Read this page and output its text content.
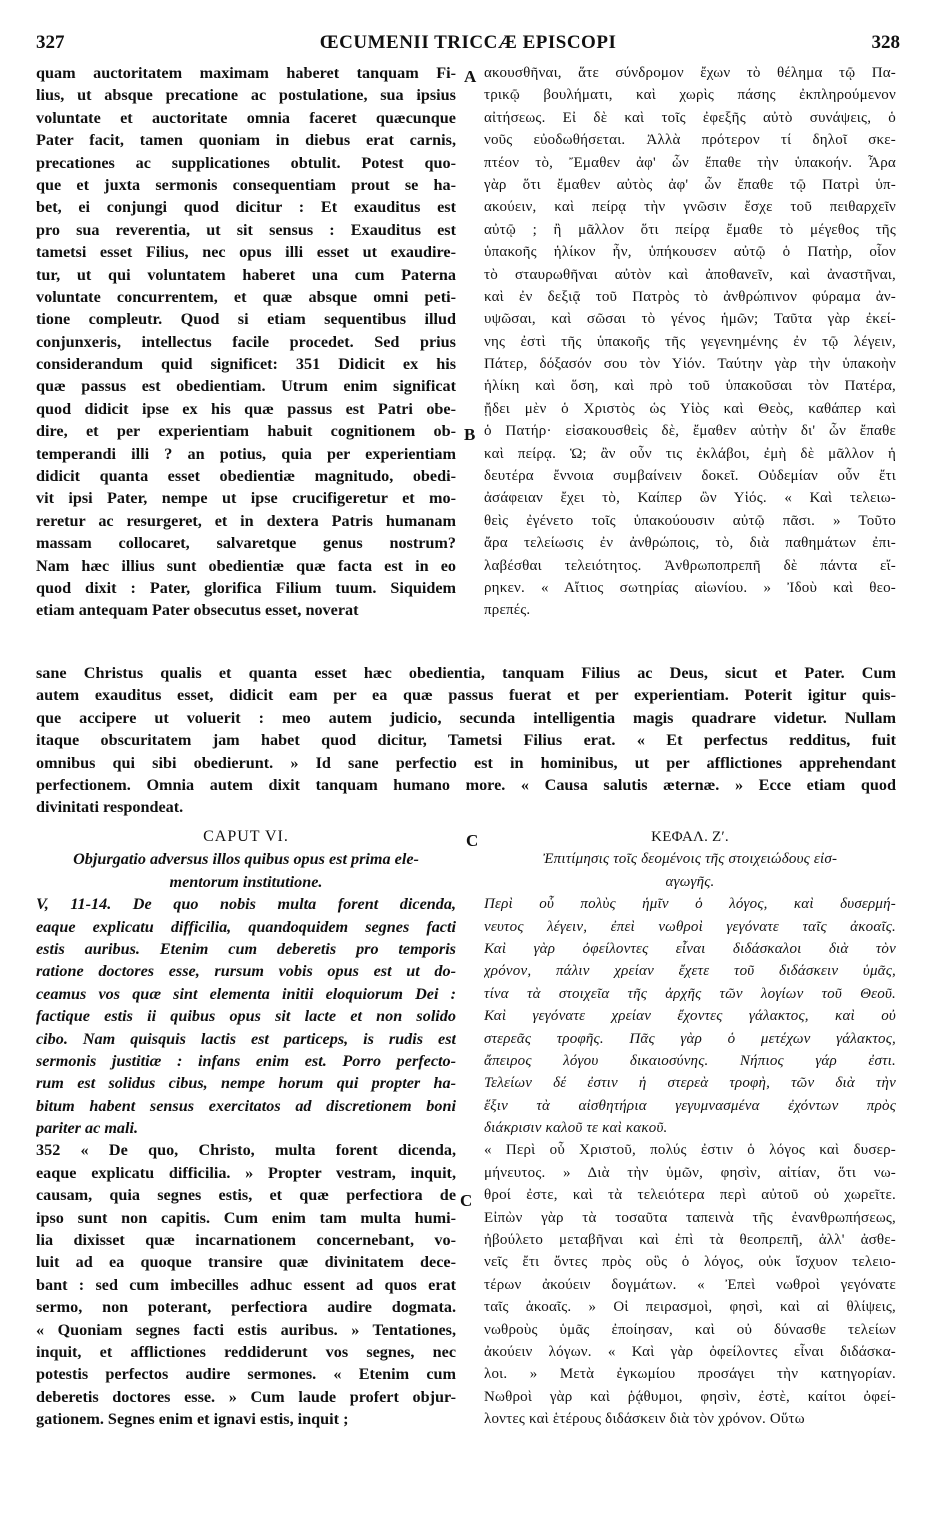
327	ŒCUMENII TRICCÆ EPISCOPI	328
A
B
C
C
quam auctoritatem maximam haberet tanquam Fi-
lius, ut absque precatione ac postulatione, sua ipsius
voluntate et auctoritate omnia faceret quæcunque
Pater facit, tamen quoniam in diebus erat carnis,
precationes ac supplicationes obtulit. Potest quo-
que et juxta sermonis consequentiam prout se ha-
bet, ei conjungi quod dicitur : Et exauditus est
pro sua reverentia, ut sit sensus : Exauditus est
tametsi esset Filius, nec opus illi esset ut exaudire-
tur, ut qui voluntatem haberet una cum Paterna
voluntate concurrentem, et quæ absque omni peti-
tione compleutr. Quod si etiam sequentibus illud
conjunxeris, intellectus facile procedet. Sed prius
considerandum quid significet: 351 Didicit ex his
quæ passus est obedientiam. Utrum enim significat
quod didicit ipse ex his quæ passus est Patri obe-
dire, et per experientiam habuit cognitionem ob-
temperandi illi ? an potius, quia per experientiam
didicit quanta esset obedientiæ magnitudo, obedi-
vit ipsi Pater, nempe ut ipse crucifigeretur et mo-
reretur ac resurgeret, et in dextera Patris humanam
massam collocaret, salvaretque genus nostrum?
Nam hæc illius sunt obedientiæ quæ facta est in eo
quod dixit : Pater, glorifica Filium tuum. Siquidem
etiam antequam Pater obsecutus esset, noverat
ακουσθῆναι, ἅτε σύνδρομον ἔχων τὸ θέλημα τῷ Πα-
τρικῷ βουλήματι, καὶ χωρὶς πάσης ἐκπληρούμενον
αἰτήσεως. Εἰ δὲ καὶ τοῖς ἐφεξῆς αὐτὸ συνάψεις, ὁ
νοῦς εὐοδωθήσεται. Ἀλλὰ πρότερον τί δηλοῖ σκε-
πτέον τὸ, Ἔμαθεν ἀφ' ὧν ἔπαθε τὴν ὑπακοήν. Ἆρα
γὰρ ὅτι ἔμαθεν αὐτὸς ἀφ' ὧν ἔπαθε τῷ Πατρὶ ὑπ-
ακούειν, καὶ πείρᾳ τὴν γνῶσιν ἔσχε τοῦ πειθαρχεῖν
αὐτῷ ; ἢ μᾶλλον ὅτι πείρᾳ ἔμαθε τὸ μέγεθος τῆς
ὑπακοῆς ἡλίκον ἦν, ὑπήκουσεν αὐτῷ ὁ Πατὴρ, οἷον
τὸ σταυρωθῆναι αὐτὸν καὶ ἀποθανεῖν, καὶ ἀναστῆναι,
καὶ ἐν δεξιᾷ τοῦ Πατρὸς τὸ ἀνθρώπινον φύραμα ἀν-
υψῶσαι, καὶ σῶσαι τὸ γένος ἡμῶν; Ταῦτα γὰρ ἐκεί-
νης ἐστὶ τῆς ὑπακοῆς τῆς γεγενημένης ἐν τῷ λέγειν,
Πάτερ, δόξασόν σου τὸν Υἱόν. Ταύτην γὰρ τὴν ὑπακοὴν
ἡλίκη καὶ ὅση, καὶ πρὸ τοῦ ὑπακοῦσαι τὸν Πατέρα,
ᾔδει μὲν ὁ Χριστὸς ὡς Υἱὸς καὶ Θεὸς, καθάπερ καὶ
ὁ Πατήρ· εἰσακουσθεὶς δὲ, ἔμαθεν αὐτὴν δι' ὧν ἔπαθε
καὶ πείρᾳ. Ὡ; ἂν οὖν τις ἐκλάβοι, ἐμὴ δὲ μᾶλλον ἡ
δευτέρα ἔννοια συμβαίνειν δοκεῖ. Οὐδεμίαν οὖν ἔτι
ἀσάφειαν ἔχει τὸ, Καίπερ ὢν Υἱός. « Καὶ τελειω-
θεὶς ἐγένετο τοῖς ὑπακούουσιν αὐτῷ πᾶσι. » Τοῦτο
ἄρα τελείωσις ἐν ἀνθρώποις, τὸ, διὰ παθημάτων ἐπι-
λαβέσθαι τελειότητος. Ἀνθρωποπρεπῆ δὲ πάντα εἴ-
ρηκεν. « Αἴτιος σωτηρίας αἰωνίου. » Ἰδοὺ καὶ θεο-
πρεπές.
sane Christus qualis et quanta esset hæc obedientia, tanquam Filius ac Deus, sicut et Pater. Cum
autem exauditus esset, didicit eam per ea quæ passus fuerat et per experientiam. Poterit igitur quis-
que accipere ut voluerit : meo autem judicio, secunda intelligentia magis quadrare videtur. Nullam
itaque obscuritatem jam habet quod dicitur, Tametsi Filius erat. « Et perfectus redditus, fuit
omnibus qui sibi obedierunt. » Id sane perfectio est in hominibus, ut per afflictiones apprehendant
perfectionem. Omnia autem dixit tanquam humano more. « Causa salutis æternæ. » Ecce etiam quod
divinitati respondeat.
CAPUT VI.
Objurgatio adversus illos quibus opus est prima ele-
mentorum institutione.
V, 11-14. De quo nobis multa forent dicenda,
eaque explicatu difficilia, quandoquidem segnes facti
estis auribus. Etenim cum deberetis pro temporis
ratione doctores esse, rursum vobis opus est ut do-
ceamus vos quæ sint elementa initii eloquiorum Dei :
factique estis ii quibus opus sit lacte et non solido
cibo. Nam quisquis lactis est particeps, is rudis est
sermonis justitiæ : infans enim est. Porro perfecto-
rum est solidus cibus, nempe horum qui propter ha-
bitum habent sensus exercitatos ad discretionem boni
pariter ac mali.
352 « De quo, Christo, multa forent dicenda,
eaque explicatu difficilia. » Propter vestram, inquit,
causam, quia segnes estis, et quæ perfectiora de
ipso sunt non capitis. Cum enim tam multa humi-
lia dixisset quæ incarnationem concernebant, vo-
luit ad ea quoque transire quæ divinitatem dece-
bant : sed cum imbecilles adhuc essent ad quos erat
sermo, non poterant, perfectiora audire dogmata.
« Quoniam segnes facti estis auribus. » Tentationes,
inquit, et afflictiones reddiderunt vos segnes, nec
potestis perfectos audire sermones. « Etenim cum
deberetis doctores esse. » Cum laude profert objur-
gationem. Segnes enim et ignavi estis, inquit ;
ΚΕΦΑΛ. Ζʹ.
Ἐπιτίμησις τοῖς δεομένοις τῆς στοιχειώδους εἰσ-
αγωγῆς.
Περὶ οὗ πολὺς ἡμῖν ὁ λόγος, καὶ δυσερμή-
νευτος λέγειν, ἐπεὶ νωθροὶ γεγόνατε ταῖς ἀκοαῖς.
Καὶ γὰρ ὀφείλοντες εἶναι διδάσκαλοι διὰ τὸν
χρόνον, πάλιν χρείαν ἔχετε τοῦ διδάσκειν ὑμᾶς,
τίνα τὰ στοιχεῖα τῆς ἀρχῆς τῶν λογίων τοῦ Θεοῦ.
Καὶ γεγόνατε χρείαν ἔχοντες γάλακτος, καὶ οὐ
στερεᾶς τροφῆς. Πᾶς γὰρ ὁ μετέχων γάλακτος,
ἄπειρος λόγου δικαιοσύνης. Νήπιος γάρ ἐστι.
Τελείων δέ ἐστιν ἡ στερεὰ τροφὴ, τῶν διὰ τὴν
ἕξιν τὰ αἰσθητήρια γεγυμνασμένα ἐχόντων πρὸς
διάκρισιν καλοῦ τε καὶ κακοῦ.
« Περὶ οὗ Χριστοῦ, πολύς ἐστιν ὁ λόγος καὶ δυσερ-
μήνευτος. » Διὰ τὴν ὑμῶν, φησὶν, αἰτίαν, ὅτι νω-
θροί ἐστε, καὶ τὰ τελειότερα περὶ αὐτοῦ οὐ χωρεῖτε.
Εἰπὼν γὰρ τὰ τοσαῦτα ταπεινὰ τῆς ἐνανθρωπήσεως,
ἠβούλετο μεταβῆναι καὶ ἐπὶ τὰ θεοπρεπῆ, ἀλλ' ἀσθε-
νεῖς ἔτι ὄντες πρὸς οὓς ὁ λόγος, οὐκ ἴσχυον τελειο-
τέρων ἀκούειν δογμάτων. « Ἐπεὶ νωθροὶ γεγόνατε
ταῖς ἀκοαῖς. » Οἱ πειρασμοὶ, φησὶ, καὶ αἱ θλίψεις,
νωθροὺς ὑμᾶς ἐποίησαν, καὶ οὐ δύνασθε τελείων
ἀκούειν λόγων. « Καὶ γὰρ ὀφείλοντες εἶναι διδάσκα-
λοι. » Μετὰ ἐγκωμίου προσάγει τὴν κατηγορίαν.
Νωθροὶ γὰρ καὶ ῥᾴθυμοι, φησὶν, ἐστὲ, καίτοι ὀφεί-
λοντες καὶ ἑτέρους διδάσκειν διὰ τὸν χρόνον. Οὕτω
